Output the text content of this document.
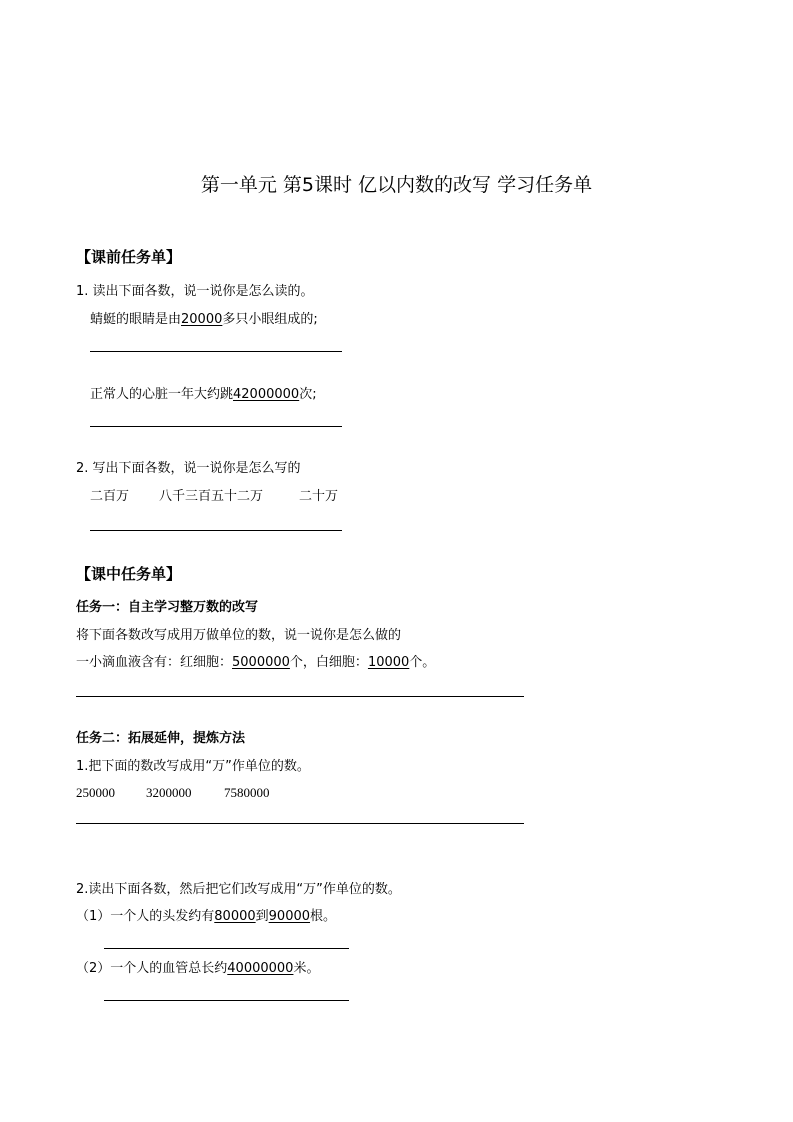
第一单元 第5课时 亿以内数的改写 学习任务单
【课前任务单】
1. 读出下面各数，说一说你是怎么读的。
蜻蜓的眼睛是由20000多只小眼组成的;
正常人的心脏一年大约跳42000000次;
2. 写出下面各数，说一说你是怎么写的
二百万 八千三百五十二万	二十万
【课中任务单】
任务一：自主学习整万数的改写
将下面各数改写成用万做单位的数，说一说你是怎么做的
一小滴血液含有：红细胞：5000000个，白细胞：10000个。
任务二：拓展延伸，提炼方法
1.把下面的数改写成用“万”作单位的数。
250000 3200000	7580000
2.读出下面各数，然后把它们改写成用“万”作单位的数。
（1）一个人的头发约有80000到90000根。
（2）一个人的血管总长约40000000米。
